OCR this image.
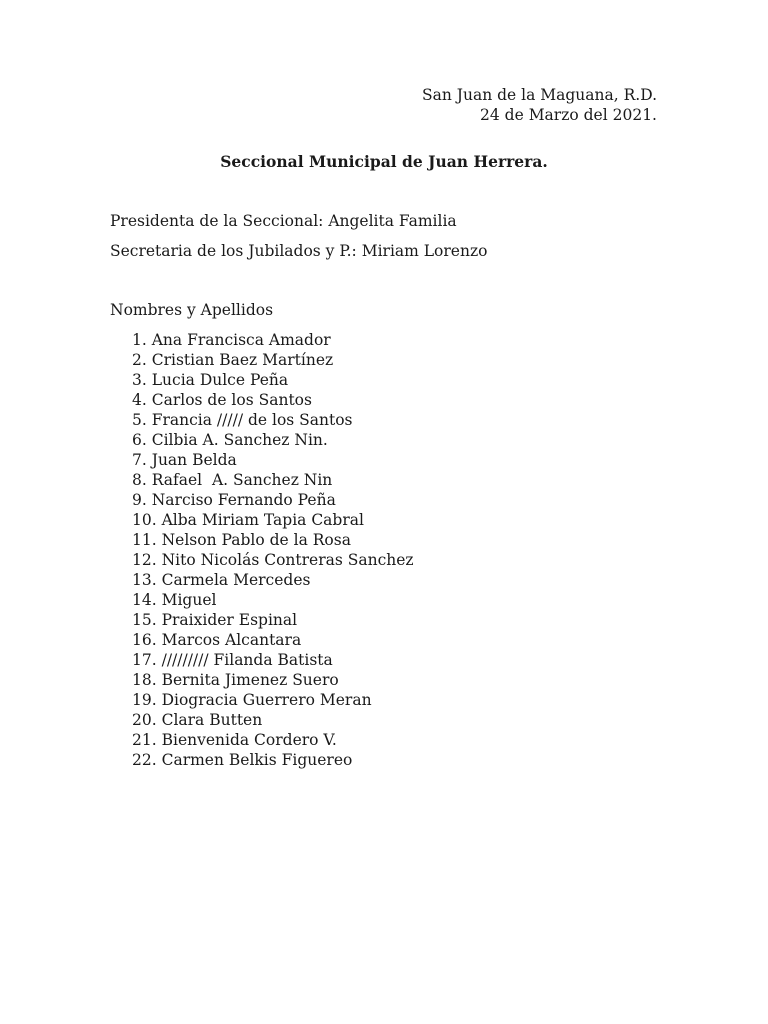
San Juan de la Maguana, R.D.
24 de Marzo del 2021.
Seccional Municipal de Juan Herrera.
Presidenta de la Seccional: Angelita Familia
Secretaria de los Jubilados y P.: Miriam Lorenzo
Nombres y Apellidos
1. Ana Francisca Amador
2. Cristian Baez Martínez
3. Lucia Dulce Peña
4. Carlos de los Santos
5. Francia ///// de los Santos
6. Cilbia A. Sanchez Nin.
7. Juan Belda
8. Rafael  A. Sanchez Nin
9. Narciso Fernando Peña
10. Alba Miriam Tapia Cabral
11. Nelson Pablo de la Rosa
12. Nito Nicolás Contreras Sanchez
13. Carmela Mercedes
14. Miguel
15. Praixider Espinal
16. Marcos Alcantara
17. ///////// Filanda Batista
18. Bernita Jimenez Suero
19. Diogracia Guerrero Meran
20. Clara Butten
21. Bienvenida Cordero V.
22. Carmen Belkis Figuereo
